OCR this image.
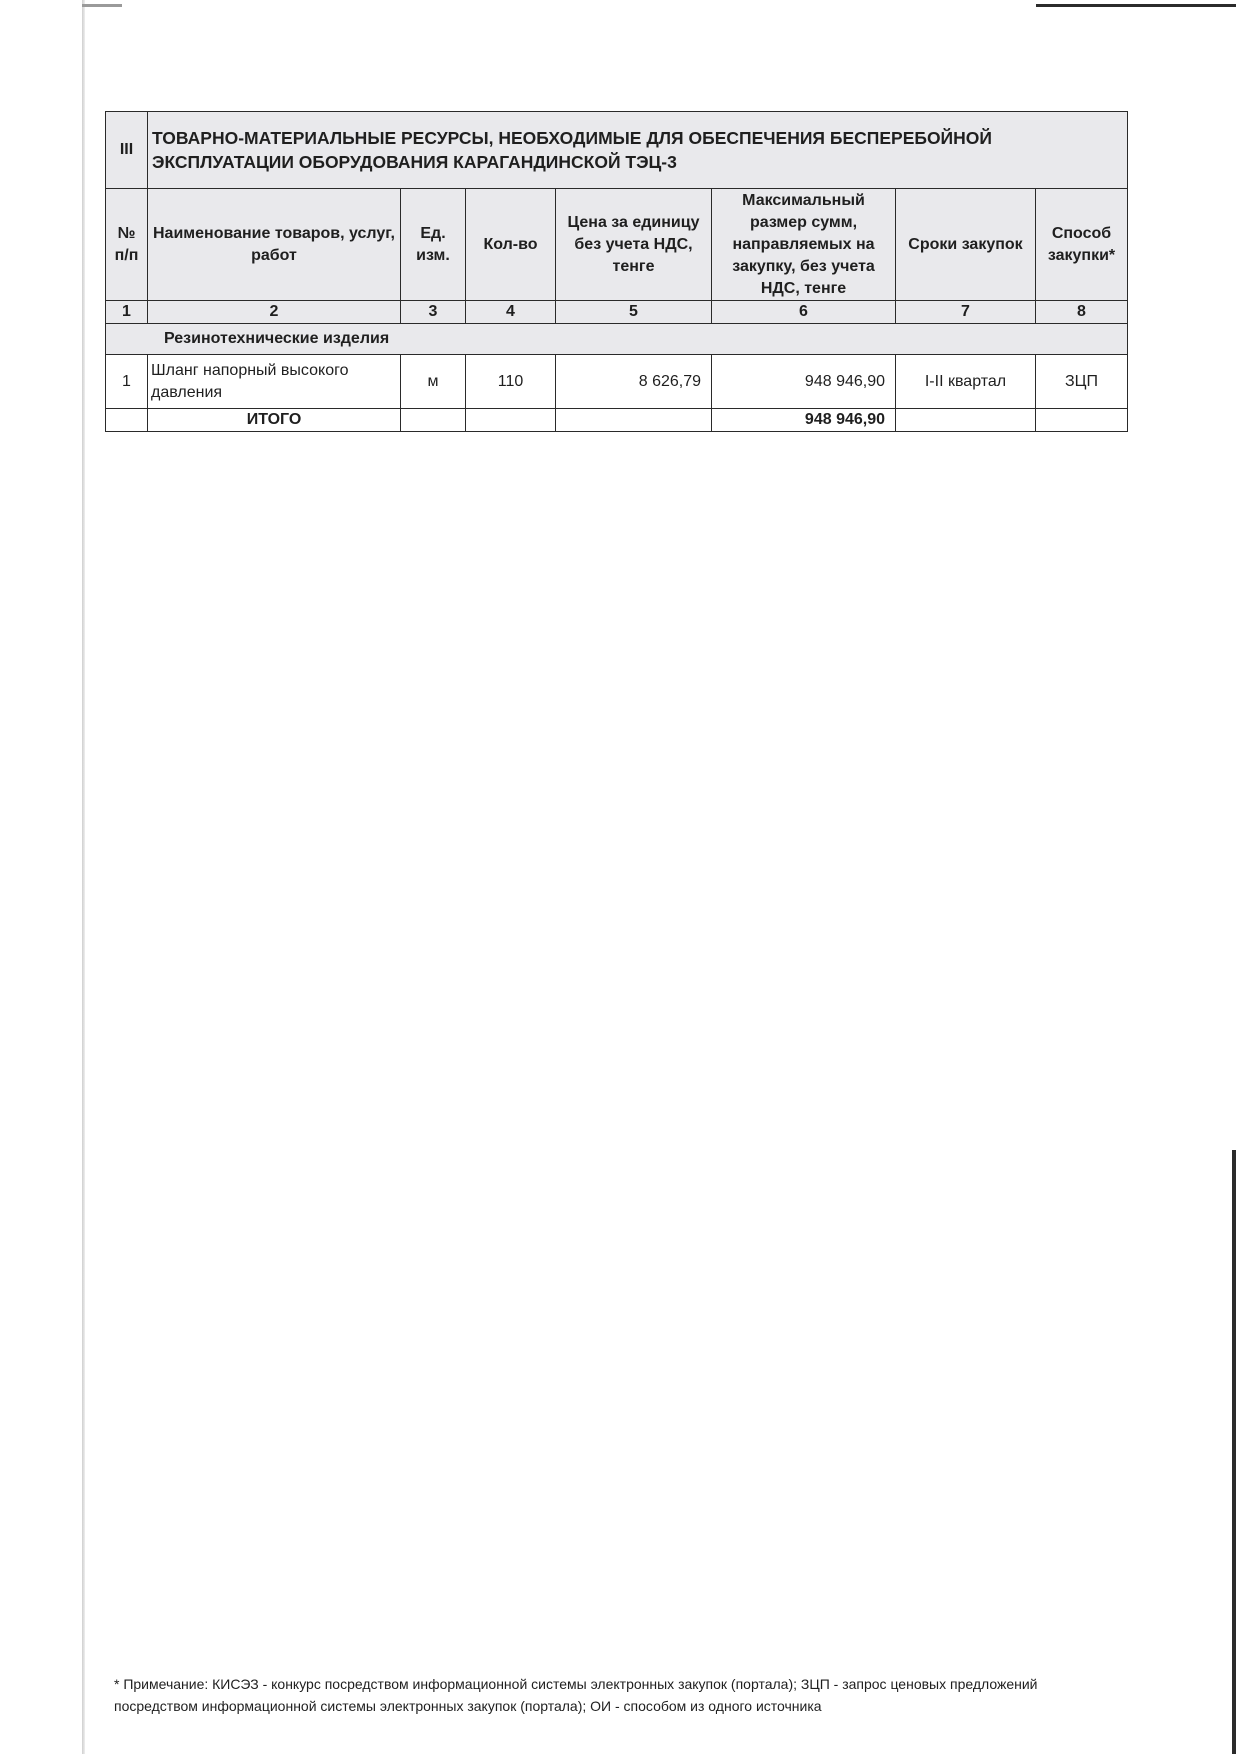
III	ТОВАРНО-МАТЕРИАЛЬНЫЕ РЕСУРСЫ, НЕОБХОДИМЫЕ ДЛЯ ОБЕСПЕЧЕНИЯ БЕСПЕРЕБОЙНОЙ ЭКСПЛУАТАЦИИ ОБОРУДОВАНИЯ КАРАГАНДИНСКОЙ ТЭЦ-3						
№ п/п	Наименование товаров, услуг, работ	Ед. изм.	Кол-во	Цена за единицу без учета НДС, тенге	Максимальный размер сумм, направляемых на закупку, без учета НДС, тенге	Сроки закупок	Способ закупки*
1	2	3	4	5	6	7	8
Резинотехнические изделия							
1	Шланг напорный высокого давления	м	110	8 626,79	948 946,90	I-II квартал	ЗЦП
	ИТОГО				948 946,90		
* Примечание: КИСЭЗ - конкурс посредством информационной системы электронных закупок (портала); ЗЦП - запрос ценовых предложений посредством информационной системы электронных закупок (портала); ОИ - способом из одного источника
